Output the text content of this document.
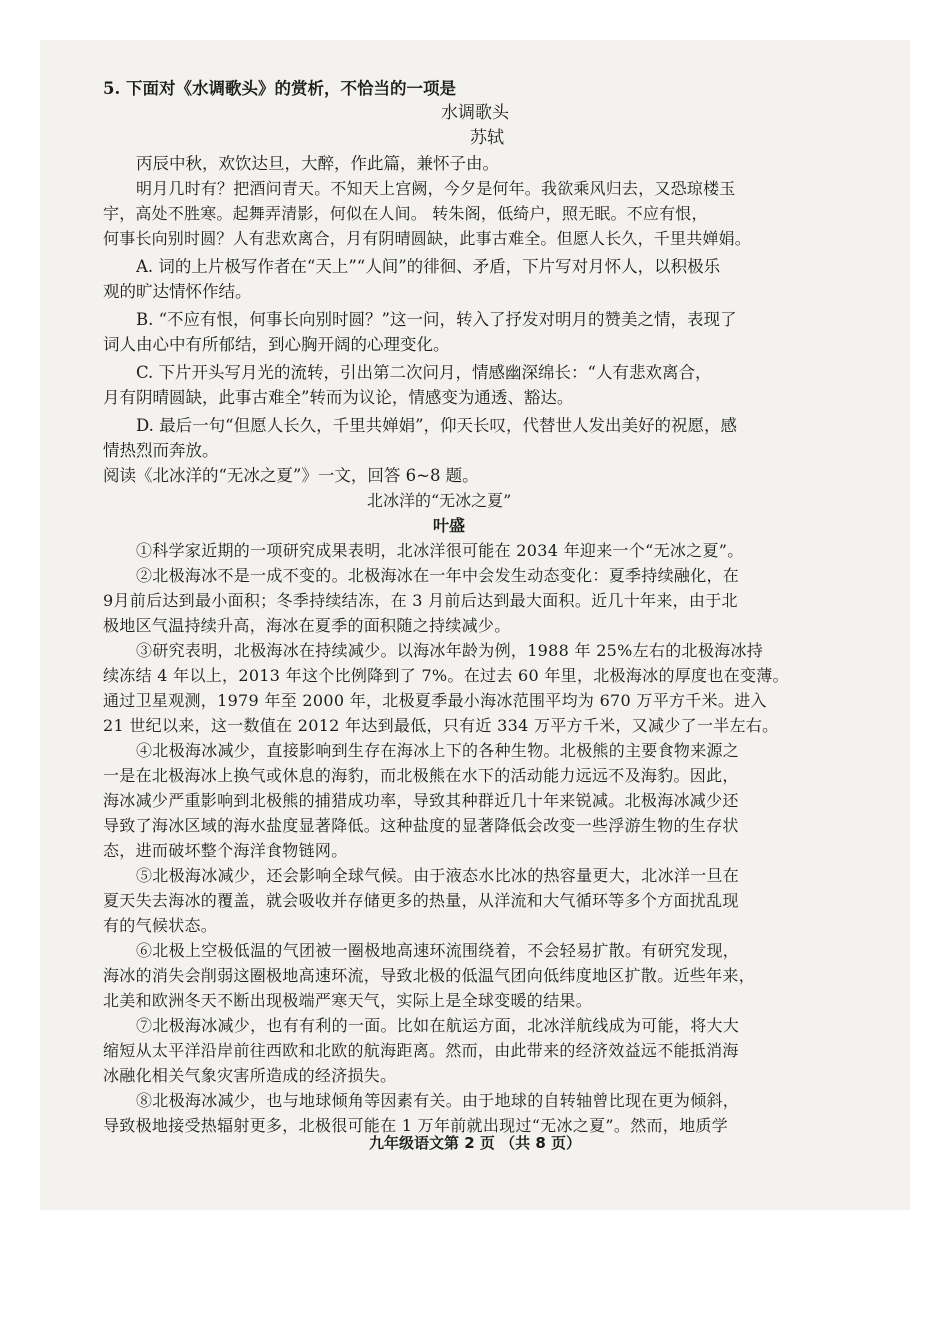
5. 下面对《水调歌头》的赏析，不恰当的一项是
水调歌头
苏轼
丙辰中秋，欢饮达旦，大醉，作此篇，兼怀子由。
明月几时有？把酒问青天。不知天上宫阙，今夕是何年。我欲乘风归去，又恐琼楼玉
宇，高处不胜寒。起舞弄清影，何似在人间。 转朱阁，低绮户，照无眠。不应有恨，
何事长向别时圆？人有悲欢离合，月有阴晴圆缺，此事古难全。但愿人长久，千里共婵娟。
A. 词的上片极写作者在“天上”“人间”的徘徊、矛盾，下片写对月怀人，以积极乐
观的旷达情怀作结。
B. “不应有恨，何事长向别时圆？”这一问，转入了抒发对明月的赞美之情，表现了
词人由心中有所郁结，到心胸开阔的心理变化。
C. 下片开头写月光的流转，引出第二次问月，情感幽深绵长：“人有悲欢离合，
月有阴晴圆缺，此事古难全”转而为议论，情感变为通透、豁达。
D. 最后一句“但愿人长久，千里共婵娟”，仰天长叹，代替世人发出美好的祝愿，感
情热烈而奔放。
阅读《北冰洋的“无冰之夏”》一文，回答 6~8 题。
北冰洋的“无冰之夏”
叶盛
①科学家近期的一项研究成果表明，北冰洋很可能在 2034 年迎来一个“无冰之夏”。
②北极海冰不是一成不变的。北极海冰在一年中会发生动态变化：夏季持续融化，在
9月前后达到最小面积；冬季持续结冻，在 3 月前后达到最大面积。近几十年来，由于北
极地区气温持续升高，海冰在夏季的面积随之持续减少。
③研究表明，北极海冰在持续减少。以海冰年龄为例，1988 年 25%左右的北极海冰持
续冻结 4 年以上，2013 年这个比例降到了 7%。在过去 60 年里，北极海冰的厚度也在变薄。
通过卫星观测，1979 年至 2000 年，北极夏季最小海冰范围平均为 670 万平方千米。进入
21 世纪以来，这一数值在 2012 年达到最低，只有近 334 万平方千米，又减少了一半左右。
④北极海冰减少，直接影响到生存在海冰上下的各种生物。北极熊的主要食物来源之
一是在北极海冰上换气或休息的海豹，而北极熊在水下的活动能力远远不及海豹。因此，
海冰减少严重影响到北极熊的捕猎成功率，导致其种群近几十年来锐减。北极海冰减少还
导致了海冰区域的海水盐度显著降低。这种盐度的显著降低会改变一些浮游生物的生存状
态，进而破坏整个海洋食物链网。
⑤北极海冰减少，还会影响全球气候。由于液态水比冰的热容量更大，北冰洋一旦在
夏天失去海冰的覆盖，就会吸收并存储更多的热量，从洋流和大气循环等多个方面扰乱现
有的气候状态。
⑥北极上空极低温的气团被一圈极地高速环流围绕着，不会轻易扩散。有研究发现，
海冰的消失会削弱这圈极地高速环流，导致北极的低温气团向低纬度地区扩散。近些年来，
北美和欧洲冬天不断出现极端严寒天气，实际上是全球变暖的结果。
⑦北极海冰减少，也有有利的一面。比如在航运方面，北冰洋航线成为可能，将大大
缩短从太平洋沿岸前往西欧和北欧的航海距离。然而，由此带来的经济效益远不能抵消海
冰融化相关气象灾害所造成的经济损失。
⑧北极海冰减少，也与地球倾角等因素有关。由于地球的自转轴曾比现在更为倾斜，
导致极地接受热辐射更多，北极很可能在 1 万年前就出现过“无冰之夏”。然而，地质学
九年级语文第 2 页 （共 8 页）
